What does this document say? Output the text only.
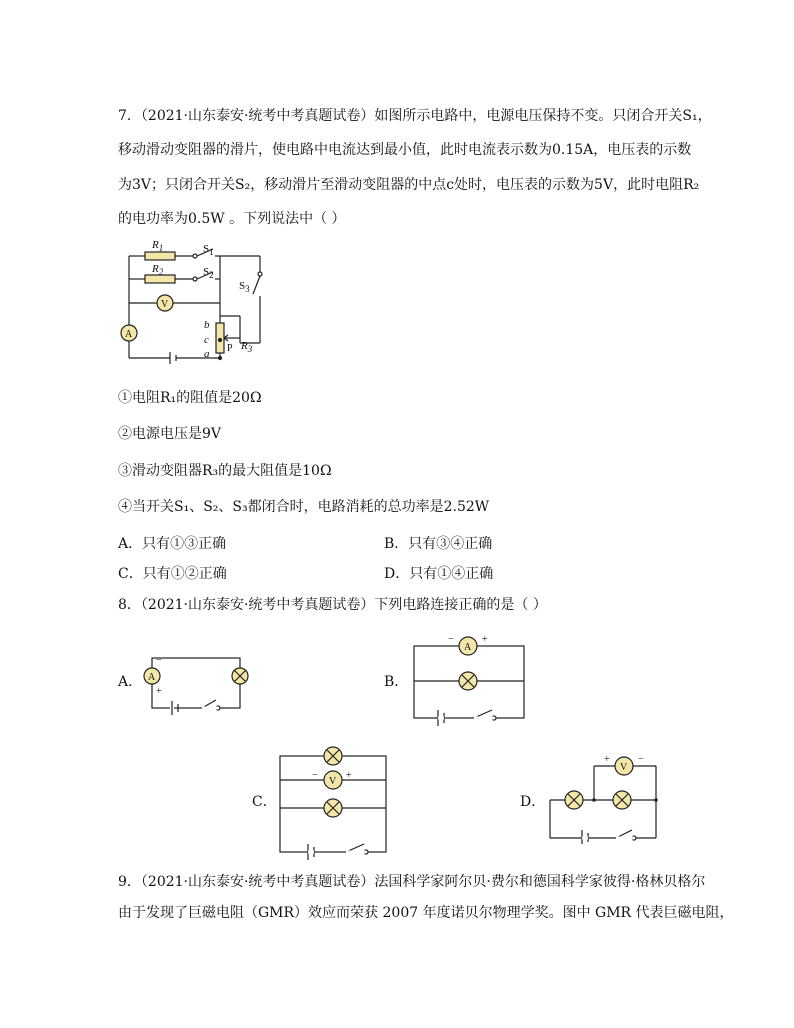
7．（2021·山东泰安·统考中考真题试卷）如图所示电路中，电源电压保持不变。只闭合开关S₁，
移动滑动变阻器的滑片，使电路中电流达到最小值，此时电流表示数为0.15A，电压表的示数
为3V；只闭合开关S₂，移动滑片至滑动变阻器的中点c处时，电压表的示数为5V，此时电阻R₂
的电功率为0.5W 。下列说法中（ ）
$R_1$
$R_2$
b
c
a
$R_3$
$S_1$
$S_2$
$S_3$
V
A
P
①电阻R₁的阻值是20Ω
②电源电压是9V
③滑动变阻器R₃的最大阻值是10Ω
④当开关S₁、S₂、S₃都闭合时，电路消耗的总功率是2.52W
A．只有①③正确	B．只有③④正确
C．只有①②正确	D．只有①④正确
8．（2021·山东泰安·统考中考真题试卷）下列电路连接正确的是（ ）
A． A
−
+
B．
A
−	+
C．
V
−	+
D．
V
+	−
9．（2021·山东泰安·统考中考真题试卷）法国科学家阿尔贝·费尔和德国科学家彼得·格林贝格尔
由于发现了巨磁电阻（GMR）效应而荣获 2007 年度诺贝尔物理学奖。图中 GMR 代表巨磁电阻，
